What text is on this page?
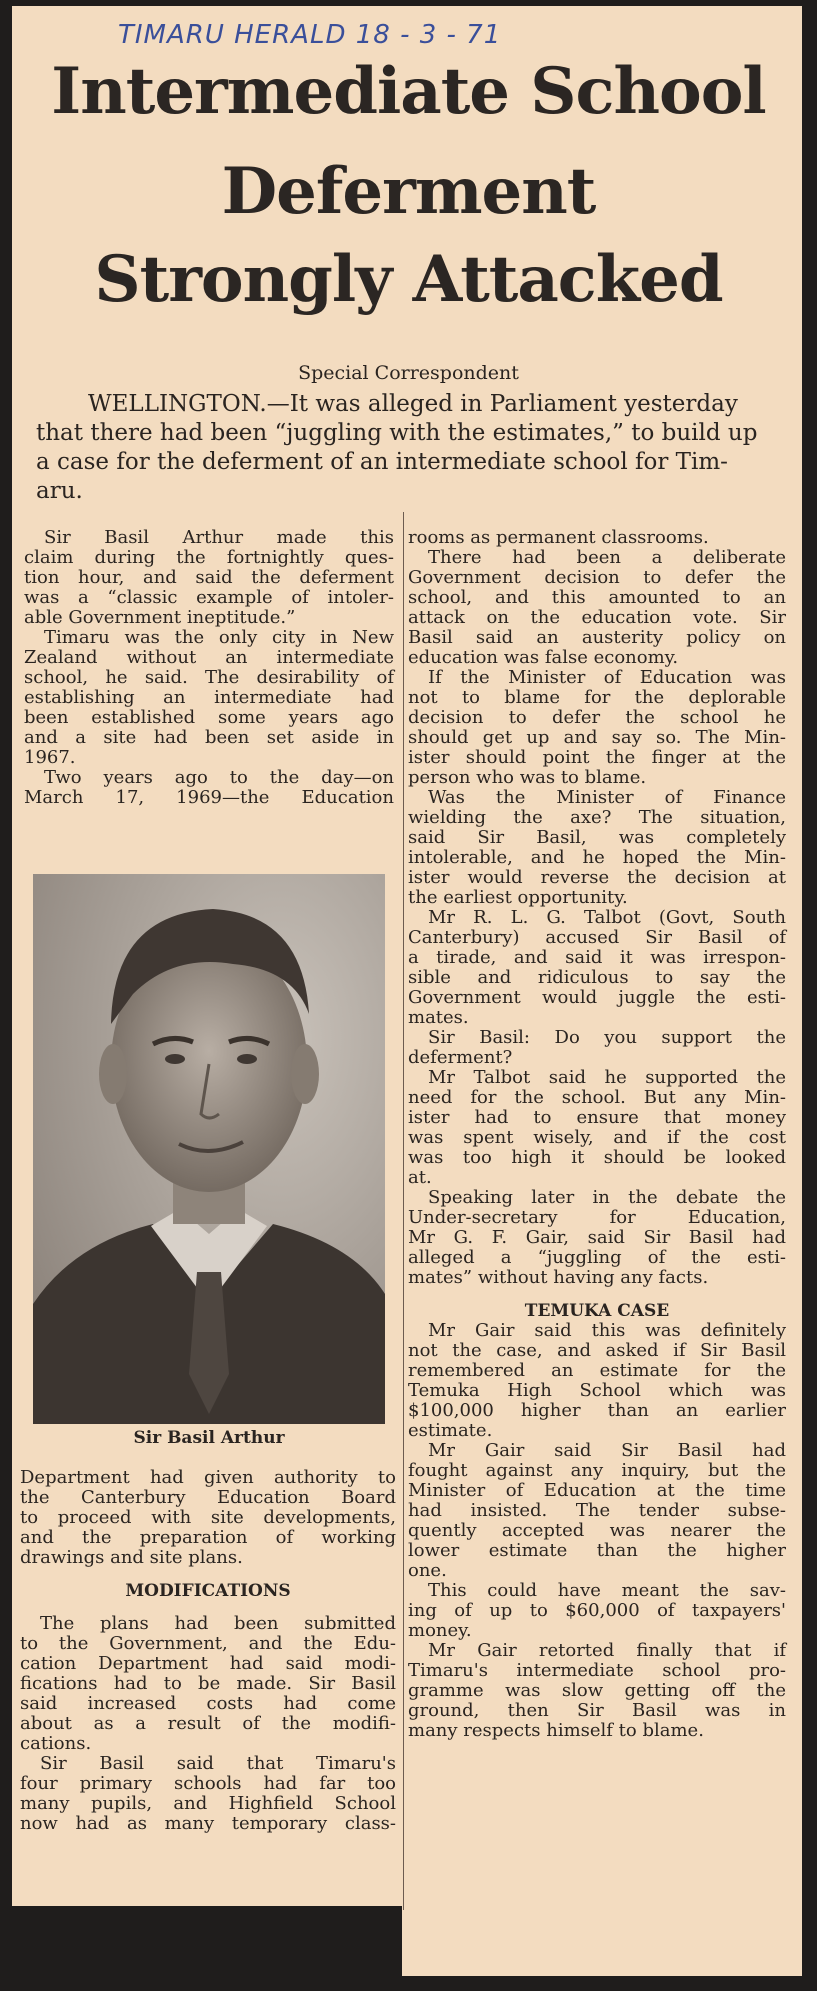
TIMARU HERALD 18 - 3 - 71
Intermediate School
Deferment
Strongly Attacked
Special Correspondent
WELLINGTON.—It was alleged in Parliament yesterday
that there had been “juggling with the estimates,” to build up
a case for the deferment of an intermediate school for Tim-
aru.
Sir Basil Arthur made this
claim during the fortnightly ques-
tion hour, and said the deferment
was a “classic example of intoler-
able Government ineptitude.”
Timaru was the only city in New
Zealand without an intermediate
school, he said. The desirability of
establishing an intermediate had
been established some years ago
and a site had been set aside in
1967.
Two years ago to the day—on
March 17, 1969—the Education
Sir Basil Arthur
Department had given authority to
the Canterbury Education Board
to proceed with site developments,
and the preparation of working
drawings and site plans.
MODIFICATIONS
The plans had been submitted
to the Government, and the Edu-
cation Department had said modi-
fications had to be made. Sir Basil
said increased costs had come
about as a result of the modifi-
cations.
Sir Basil said that Timaru's
four primary schools had far too
many pupils, and Highfield School
now had as many temporary class-
rooms as permanent classrooms.
There had been a deliberate
Government decision to defer the
school, and this amounted to an
attack on the education vote. Sir
Basil said an austerity policy on
education was false economy.
If the Minister of Education was
not to blame for the deplorable
decision to defer the school he
should get up and say so. The Min-
ister should point the finger at the
person who was to blame.
Was the Minister of Finance
wielding the axe? The situation,
said Sir Basil, was completely
intolerable, and he hoped the Min-
ister would reverse the decision at
the earliest opportunity.
Mr R. L. G. Talbot (Govt, South
Canterbury) accused Sir Basil of
a tirade, and said it was irrespon-
sible and ridiculous to say the
Government would juggle the esti-
mates.
Sir Basil: Do you support the
deferment?
Mr Talbot said he supported the
need for the school. But any Min-
ister had to ensure that money
was spent wisely, and if the cost
was too high it should be looked
at.
Speaking later in the debate the
Under-secretary for Education,
Mr G. F. Gair, said Sir Basil had
alleged a “juggling of the esti-
mates” without having any facts.
TEMUKA CASE
Mr Gair said this was definitely
not the case, and asked if Sir Basil
remembered an estimate for the
Temuka High School which was
$100,000 higher than an earlier
estimate.
Mr Gair said Sir Basil had
fought against any inquiry, but the
Minister of Education at the time
had insisted. The tender subse-
quently accepted was nearer the
lower estimate than the higher
one.
This could have meant the sav-
ing of up to $60,000 of taxpayers'
money.
Mr Gair retorted finally that if
Timaru's intermediate school pro-
gramme was slow getting off the
ground, then Sir Basil was in
many respects himself to blame.
